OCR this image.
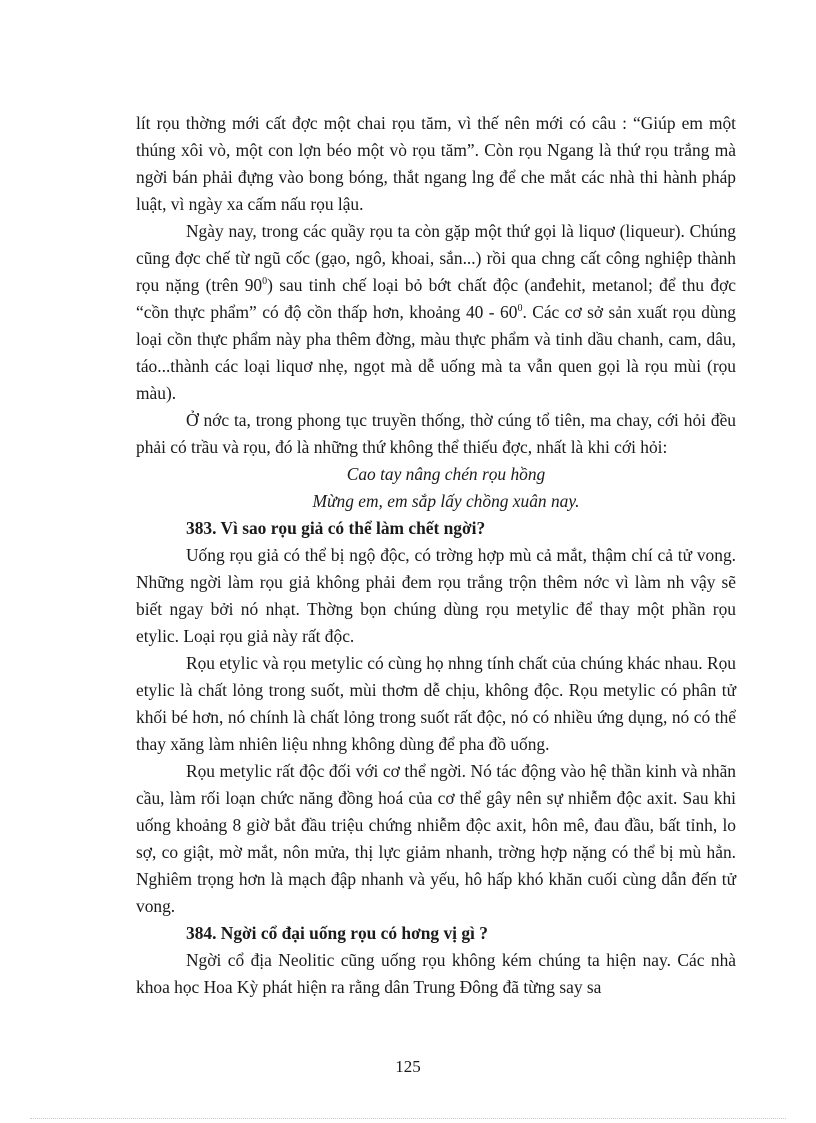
lít rọu thờng mới cất đợc một chai rọu tăm, vì thế nên mới có câu : “Giúp em một thúng xôi vò, một con lợn béo một vò rọu tăm”. Còn rọu Ngang là thứ rọu trắng mà ngời bán phải đựng vào bong bóng, thắt ngang lng để che mắt các nhà thi hành pháp luật, vì ngày xa cấm nấu rọu lậu.

Ngày nay, trong các quầy rọu ta còn gặp một thứ gọi là liquơ (liqueur). Chúng cũng đợc chế từ ngũ cốc (gạo, ngô, khoai, sắn...) rồi qua chng cất công nghiệp thành rọu nặng (trên $90^0$) sau tinh chế loại bỏ bớt chất độc (anđehit, metanol; để thu đợc “cồn thực phẩm” có độ cồn thấp hơn, khoảng $40 - 60^0$. Các cơ sở sản xuất rọu dùng loại cồn thực phẩm này pha thêm đờng, màu thực phẩm và tinh dầu chanh, cam, dâu, táo...thành các loại liquơ nhẹ, ngọt mà dễ uống mà ta vẫn quen gọi là rọu mùi (rọu màu).

Ở nớc ta, trong phong tục truyền thống, thờ cúng tổ tiên, ma chay, cới hỏi đều phải có trầu và rọu, đó là những thứ không thể thiếu đợc, nhất là khi cới hỏi:

Cao tay nâng chén rọu hồng

Mừng em, em sắp lấy chồng xuân nay.

383. Vì sao rọu giả có thể làm chết ngời?

Uống rọu giả có thể bị ngộ độc, có trờng hợp mù cả mắt, thậm chí cả tử vong. Những ngời làm rọu giả không phải đem rọu trắng trộn thêm nớc vì làm nh vậy sẽ biết ngay bởi nó nhạt. Thờng bọn chúng dùng rọu metylic để thay một phần rọu etylic. Loại rọu giả này rất độc.

Rọu etylic và rọu metylic có cùng họ nhng tính chất của chúng khác nhau. Rọu etylic là chất lỏng trong suốt, mùi thơm dễ chịu, không độc. Rọu metylic có phân tử khối bé hơn, nó chính là chất lỏng trong suốt rất độc, nó có nhiều ứng dụng, nó có thể thay xăng làm nhiên liệu nhng không dùng để pha đồ uống.

Rọu metylic rất độc đối với cơ thể ngời. Nó tác động vào hệ thần kinh và nhãn cầu, làm rối loạn chức năng đồng hoá của cơ thể gây nên sự nhiễm độc axit. Sau khi uống khoảng 8 giờ bắt đầu triệu chứng nhiễm độc axit, hôn mê, đau đầu, bất tỉnh, lo sợ, co giật, mờ mắt, nôn mửa, thị lực giảm nhanh, trờng hợp nặng có thể bị mù hẳn. Nghiêm trọng hơn là mạch đập nhanh và yếu, hô hấp khó khăn cuối cùng dẫn đến tử vong.

384. Ngời cổ đại uống rọu có hơng vị gì ?

Ngời cổ địa Neolitic cũng uống rọu không kém chúng ta hiện nay. Các nhà khoa học Hoa Kỳ phát hiện ra rằng dân Trung Đông đã từng say sa

125
